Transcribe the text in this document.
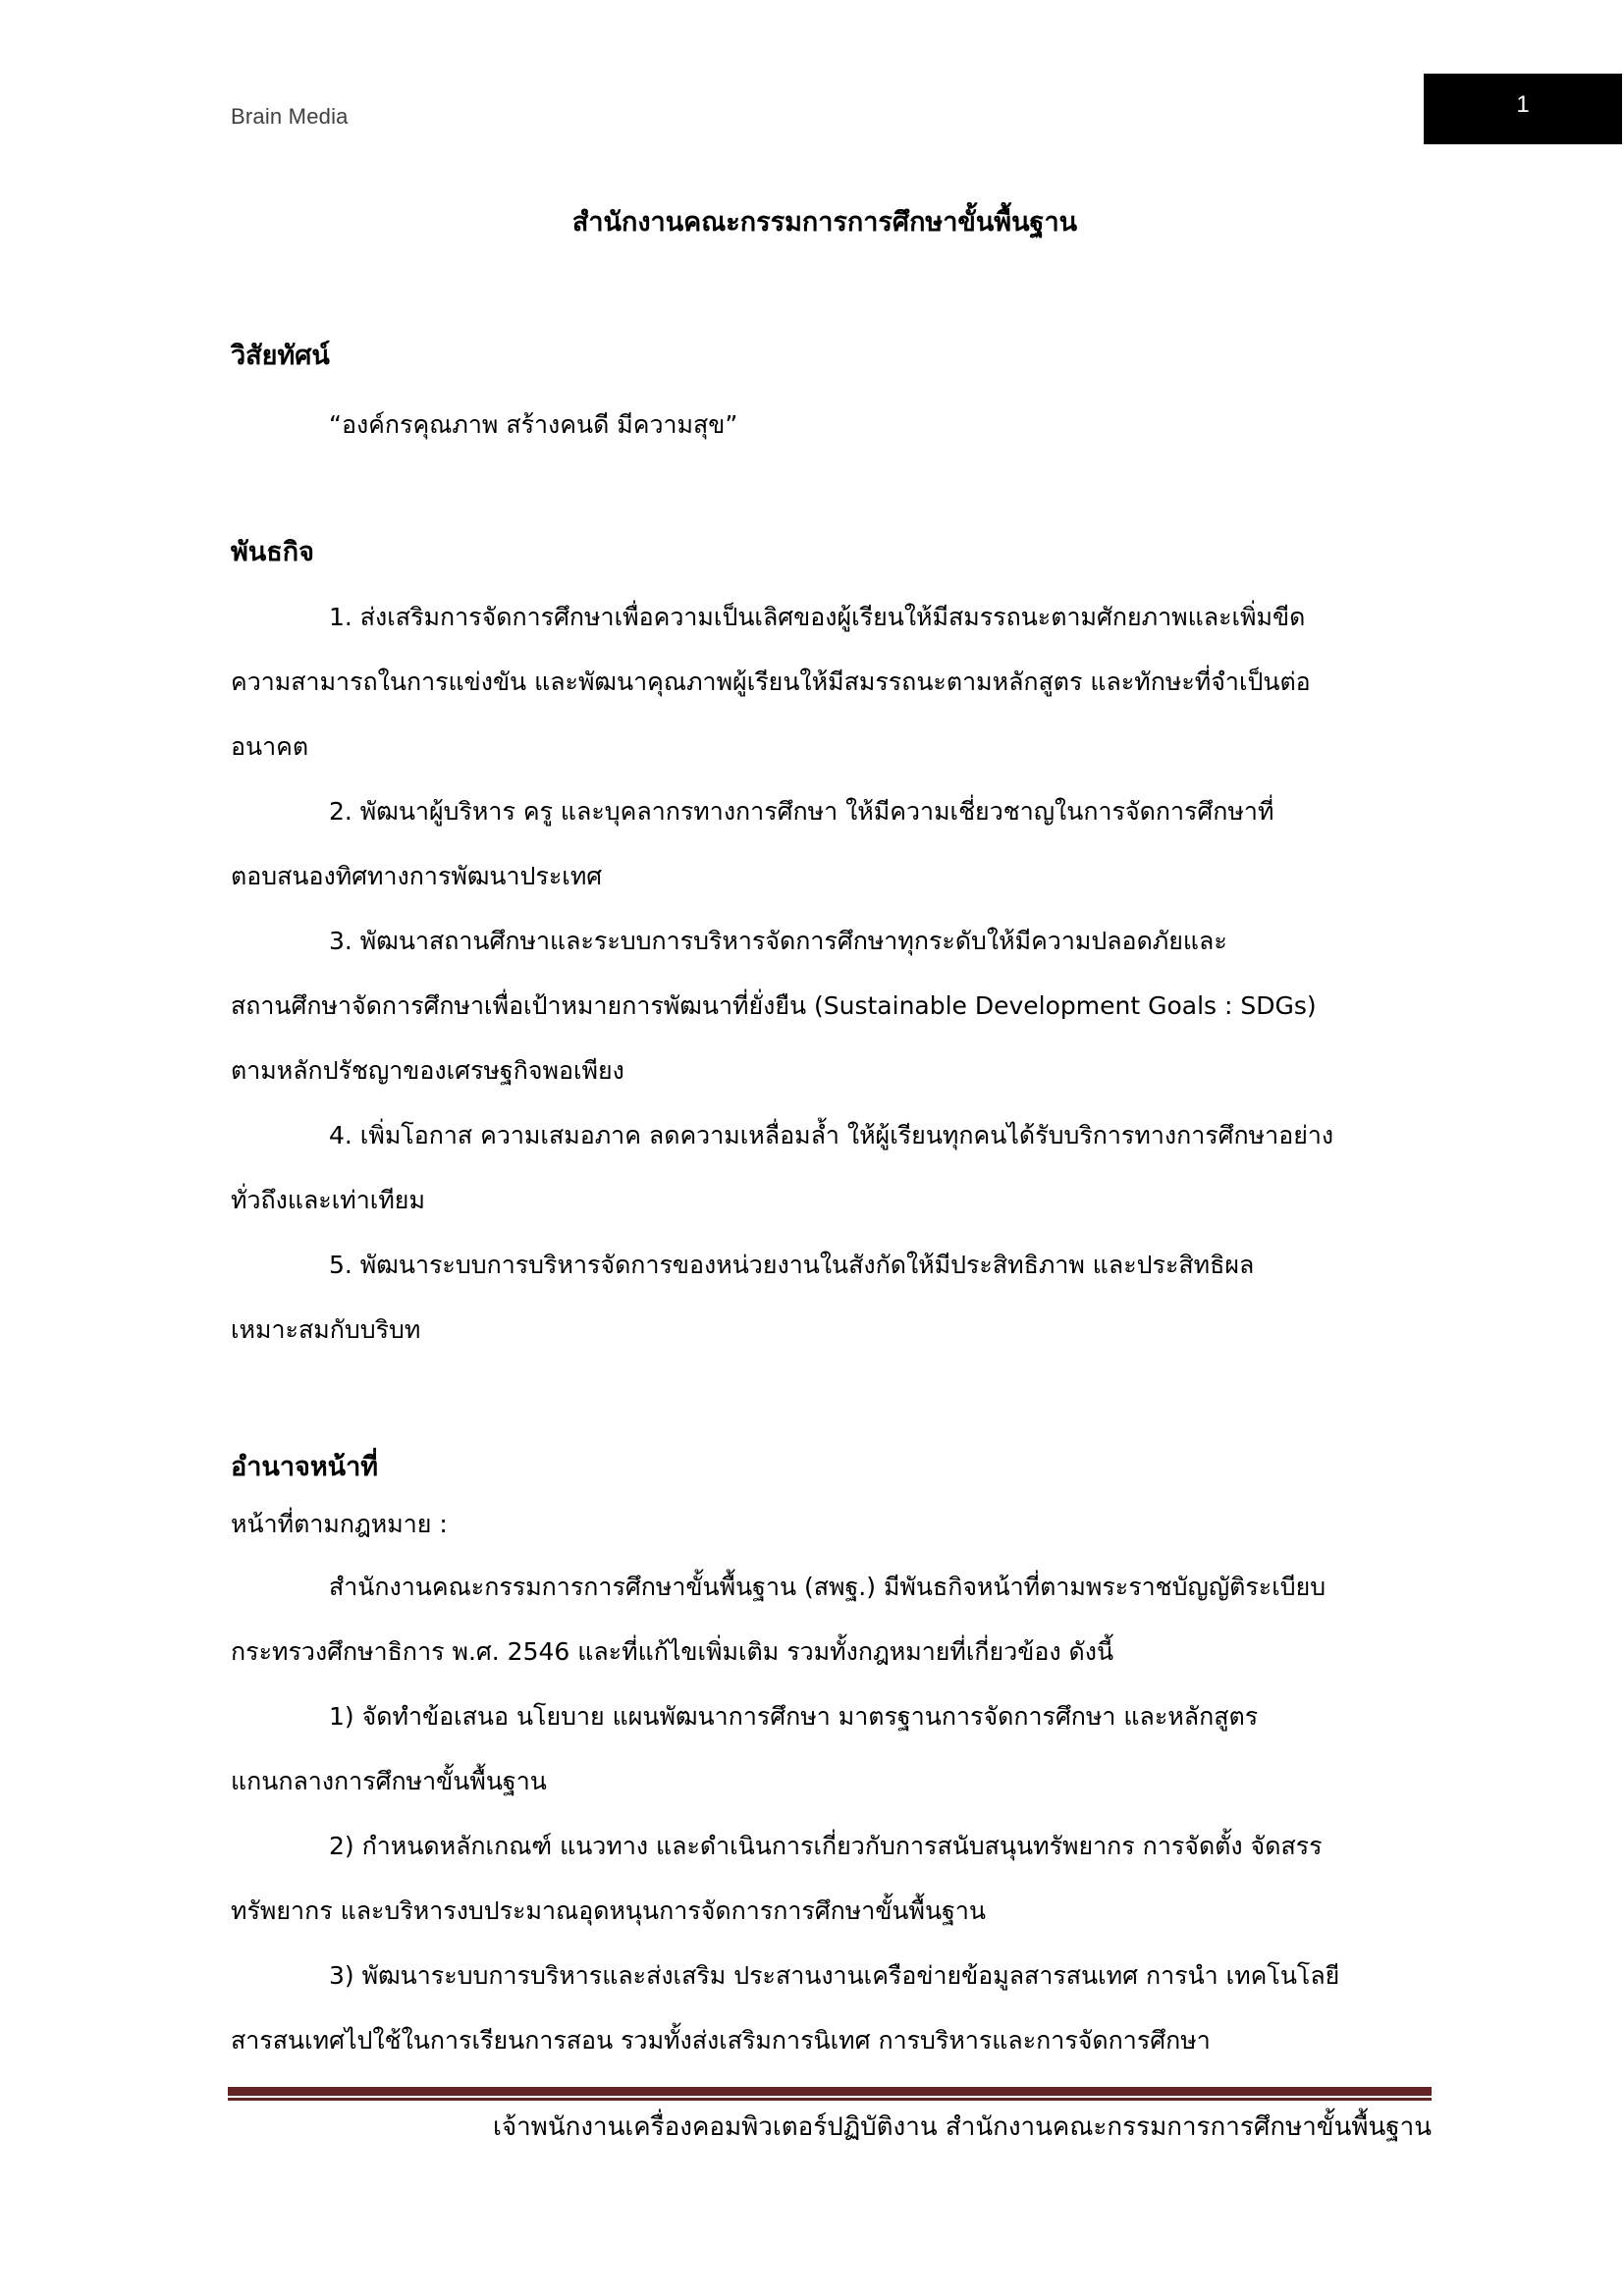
Brain Media	1
สำนักงานคณะกรรมการการศึกษาขั้นพื้นฐาน
วิสัยทัศน์
“องค์กรคุณภาพ สร้างคนดี มีความสุข”
พันธกิจ
1. ส่งเสริมการจัดการศึกษาเพื่อความเป็นเลิศของผู้เรียนให้มีสมรรถนะตามศักยภาพและเพิ่มขีด
ความสามารถในการแข่งขัน และพัฒนาคุณภาพผู้เรียนให้มีสมรรถนะตามหลักสูตร และทักษะที่จำเป็นต่อ
อนาคต
2. พัฒนาผู้บริหาร ครู และบุคลากรทางการศึกษา ให้มีความเชี่ยวชาญในการจัดการศึกษาที่
ตอบสนองทิศทางการพัฒนาประเทศ
3. พัฒนาสถานศึกษาและระบบการบริหารจัดการศึกษาทุกระดับให้มีความปลอดภัยและ
สถานศึกษาจัดการศึกษาเพื่อเป้าหมายการพัฒนาที่ยั่งยืน (Sustainable Development Goals : SDGs)
ตามหลักปรัชญาของเศรษฐกิจพอเพียง
4. เพิ่มโอกาส ความเสมอภาค ลดความเหลื่อมล้ำ ให้ผู้เรียนทุกคนได้รับบริการทางการศึกษาอย่าง
ทั่วถึงและเท่าเทียม
5. พัฒนาระบบการบริหารจัดการของหน่วยงานในสังกัดให้มีประสิทธิภาพ และประสิทธิผล
เหมาะสมกับบริบท
อำนาจหน้าที่
หน้าที่ตามกฎหมาย :
สำนักงานคณะกรรมการการศึกษาขั้นพื้นฐาน (สพฐ.) มีพันธกิจหน้าที่ตามพระราชบัญญัติระเบียบ
กระทรวงศึกษาธิการ พ.ศ. 2546 และที่แก้ไขเพิ่มเติม รวมทั้งกฎหมายที่เกี่ยวข้อง ดังนี้
1) จัดทำข้อเสนอ นโยบาย แผนพัฒนาการศึกษา มาตรฐานการจัดการศึกษา และหลักสูตร
แกนกลางการศึกษาขั้นพื้นฐาน
2) กำหนดหลักเกณฑ์ แนวทาง และดำเนินการเกี่ยวกับการสนับสนุนทรัพยากร การจัดตั้ง จัดสรร
ทรัพยากร และบริหารงบประมาณอุดหนุนการจัดการการศึกษาขั้นพื้นฐาน
3) พัฒนาระบบการบริหารและส่งเสริม ประสานงานเครือข่ายข้อมูลสารสนเทศ การนำ เทคโนโลยี
สารสนเทศไปใช้ในการเรียนการสอน รวมทั้งส่งเสริมการนิเทศ การบริหารและการจัดการศึกษา
เจ้าพนักงานเครื่องคอมพิวเตอร์ปฏิบัติงาน สำนักงานคณะกรรมการการศึกษาขั้นพื้นฐาน
